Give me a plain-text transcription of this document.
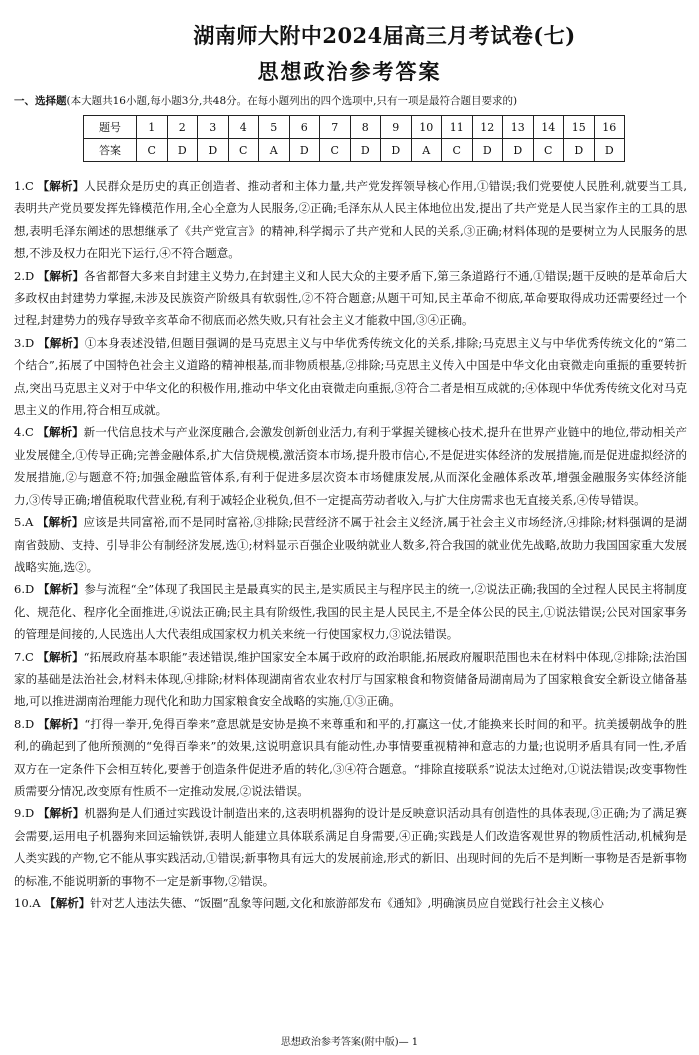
湖南师大附中2024届高三月考试卷(七)
思想政治参考答案
一、选择题(本大题共16小题,每小题3分,共48分。在每小题列出的四个选项中,只有一项是最符合题目要求的)
题号	1	2	3	4	5	6	7	8	9	10	11	12	13	14	15	16
答案	C	D	D	C	A	D	C	D	D	A	C	D	D	C	D	D
1.C 【解析】人民群众是历史的真正创造者、推动者和主体力量,共产党发挥领导核心作用,①错误;我们党要使人民胜利,就要当工具,表明共产党员要发挥先锋模范作用,全心全意为人民服务,②正确;毛泽东从人民主体地位出发,提出了共产党是人民当家作主的工具的思想,表明毛泽东阐述的思想继承了《共产党宣言》的精神,科学揭示了共产党和人民的关系,③正确;材料体现的是要树立为人民服务的思想,不涉及权力在阳光下运行,④不符合题意。
2.D 【解析】各省都督大多来自封建主义势力,在封建主义和人民大众的主要矛盾下,第三条道路行不通,①错误;题干反映的是革命后大多政权由封建势力掌握,未涉及民族资产阶级具有软弱性,②不符合题意;从题干可知,民主革命不彻底,革命要取得成功还需要经过一个过程,封建势力的残存导致辛亥革命不彻底而必然失败,只有社会主义才能救中国,③④正确。
3.D 【解析】①本身表述没错,但题目强调的是马克思主义与中华优秀传统文化的关系,排除;马克思主义与中华优秀传统文化的“第二个结合”,拓展了中国特色社会主义道路的精神根基,而非物质根基,②排除;马克思主义传入中国是中华文化由衰微走向重振的重要转折点,突出马克思主义对于中华文化的积极作用,推动中华文化由衰微走向重振,③符合二者是相互成就的;④体现中华优秀传统文化对马克思主义的作用,符合相互成就。
4.C 【解析】新一代信息技术与产业深度融合,会激发创新创业活力,有利于掌握关键核心技术,提升在世界产业链中的地位,带动相关产业发展健全,①传导正确;完善金融体系,扩大信贷规模,激活资本市场,提升股市信心,不是促进实体经济的发展措施,而是促进虚拟经济的发展措施,②与题意不符;加强金融监管体系,有利于促进多层次资本市场健康发展,从而深化金融体系改革,增强金融服务实体经济能力,③传导正确;增值税取代营业税,有利于减轻企业税负,但不一定提高劳动者收入,与扩大住房需求也无直接关系,④传导错误。
5.A 【解析】应该是共同富裕,而不是同时富裕,③排除;民营经济不属于社会主义经济,属于社会主义市场经济,④排除;材料强调的是湖南省鼓励、支持、引导非公有制经济发展,选①;材料显示百强企业吸纳就业人数多,符合我国的就业优先战略,故助力我国国家重大发展战略实施,选②。
6.D 【解析】参与流程“全”体现了我国民主是最真实的民主,是实质民主与程序民主的统一,②说法正确;我国的全过程人民民主将制度化、规范化、程序化全面推进,④说法正确;民主具有阶级性,我国的民主是人民民主,不是全体公民的民主,①说法错误;公民对国家事务的管理是间接的,人民选出人大代表组成国家权力机关来统一行使国家权力,③说法错误。
7.C 【解析】“拓展政府基本职能”表述错误,维护国家安全本属于政府的政治职能,拓展政府履职范围也未在材料中体现,②排除;法治国家的基础是法治社会,材料未体现,④排除;材料体现湖南省农业农村厅与国家粮食和物资储备局湖南局为了国家粮食安全新设立储备基地,可以推进湖南治理能力现代化和助力国家粮食安全战略的实施,①③正确。
8.D 【解析】“打得一拳开,免得百拳来”意思就是安协是换不来尊重和和平的,打赢这一仗,才能换来长时间的和平。抗美援朝战争的胜利,的确起到了他所预测的“免得百拳来”的效果,这说明意识具有能动性,办事情要重视精神和意志的力量;也说明矛盾具有同一性,矛盾双方在一定条件下会相互转化,要善于创造条件促进矛盾的转化,③④符合题意。“排除直接联系”说法太过绝对,①说法错误;改变事物性质需要分情况,改变原有性质不一定推动发展,②说法错误。
9.D 【解析】机器狗是人们通过实践设计制造出来的,这表明机器狗的设计是反映意识活动具有创造性的具体表现,③正确;为了满足赛会需要,运用电子机器狗来回运输铁饼,表明人能建立具体联系满足自身需要,④正确;实践是人们改造客观世界的物质性活动,机械狗是人类实践的产物,它不能从事实践活动,①错误;新事物具有远大的发展前途,形式的新旧、出现时间的先后不是判断一事物是否是新事物的标准,不能说明新的事物不一定是新事物,②错误。
10.A 【解析】针对艺人违法失德、“饭圈”乱象等问题,文化和旅游部发布《通知》,明确演员应自觉践行社会主义核心
思想政治参考答案(附中版)— 1
